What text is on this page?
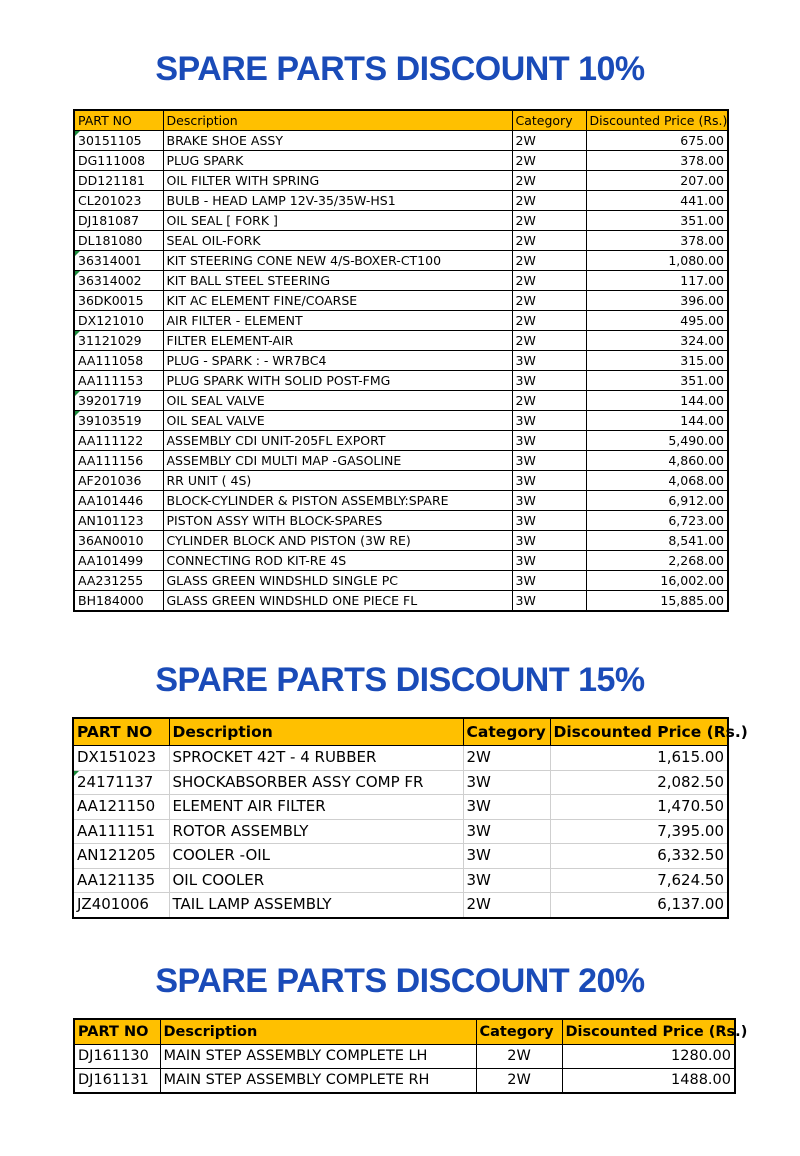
SPARE PARTS DISCOUNT 10%
PART NO	Description	Category	Discounted Price (Rs.)
30151105	BRAKE SHOE ASSY	2W	675.00
DG111008	PLUG SPARK	2W	378.00
DD121181	OIL FILTER WITH SPRING	2W	207.00
CL201023	BULB - HEAD LAMP 12V-35/35W-HS1	2W	441.00
DJ181087	OIL SEAL [ FORK ]	2W	351.00
DL181080	SEAL OIL-FORK	2W	378.00
36314001	KIT STEERING CONE NEW 4/S-BOXER-CT100	2W	1,080.00
36314002	KIT BALL STEEL STEERING	2W	117.00
36DK0015	KIT AC ELEMENT FINE/COARSE	2W	396.00
DX121010	AIR FILTER - ELEMENT	2W	495.00
31121029	FILTER ELEMENT-AIR	2W	324.00
AA111058	PLUG - SPARK : - WR7BC4	3W	315.00
AA111153	PLUG SPARK WITH SOLID POST-FMG	3W	351.00
39201719	OIL SEAL VALVE	2W	144.00
39103519	OIL SEAL VALVE	3W	144.00
AA111122	ASSEMBLY CDI UNIT-205FL EXPORT	3W	5,490.00
AA111156	ASSEMBLY CDI MULTI MAP -GASOLINE	3W	4,860.00
AF201036	RR UNIT ( 4S)	3W	4,068.00
AA101446	BLOCK-CYLINDER & PISTON ASSEMBLY:SPARE	3W	6,912.00
AN101123	PISTON ASSY WITH BLOCK-SPARES	3W	6,723.00
36AN0010	CYLINDER BLOCK AND PISTON (3W RE)	3W	8,541.00
AA101499	CONNECTING ROD KIT-RE 4S	3W	2,268.00
AA231255	GLASS GREEN WINDSHLD SINGLE PC	3W	16,002.00
BH184000	GLASS GREEN WINDSHLD ONE PIECE FL	3W	15,885.00
SPARE PARTS DISCOUNT 15%
PART NO	Description	Category	Discounted Price (Rs.)
DX151023	SPROCKET 42T - 4 RUBBER	2W	1,615.00
24171137	SHOCKABSORBER ASSY COMP FR	3W	2,082.50
AA121150	ELEMENT AIR FILTER	3W	1,470.50
AA111151	ROTOR ASSEMBLY	3W	7,395.00
AN121205	COOLER -OIL	3W	6,332.50
AA121135	OIL COOLER	3W	7,624.50
JZ401006	TAIL LAMP ASSEMBLY	2W	6,137.00
SPARE PARTS DISCOUNT 20%
PART NO	Description	Category	Discounted Price (Rs.)
DJ161130	MAIN STEP ASSEMBLY COMPLETE LH	2W	1280.00
DJ161131	MAIN STEP ASSEMBLY COMPLETE RH	2W	1488.00
